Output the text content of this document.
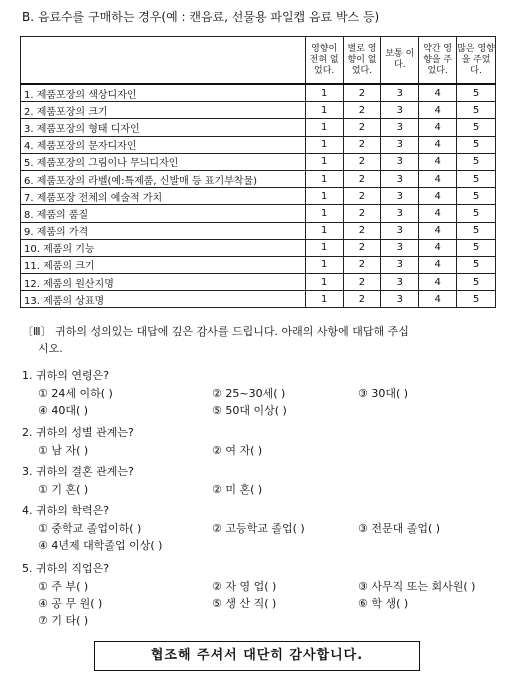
B. 음료수를 구매하는 경우(예 : 캔음료, 선물용 파일캡 음료 박스 등)
	영향이 전혀 없었다.	별로 영향이 없었다.	보통 이다.	약간 영향을 주었다.	많은 영향을 주었다.
1. 제품포장의 색상디자인	1	2	3	4	5
2. 제품포장의 크기	1	2	3	4	5
3. 제품포장의 형태 디자인	1	2	3	4	5
4. 제품포장의 문자디자인	1	2	3	4	5
5. 제품포장의 그림이나 무늬디자인	1	2	3	4	5
6. 제품포장의 라벨(예:특제품, 신발매 등 표기부착물)	1	2	3	4	5
7. 제품포장 전체의 예술적 가치	1	2	3	4	5
8. 제품의 품질	1	2	3	4	5
9. 제품의 가격	1	2	3	4	5
10. 제품의 기능	1	2	3	4	5
11. 제품의 크기	1	2	3	4	5
12. 제품의 원산지명	1	2	3	4	5
13. 제품의 상표명	1	2	3	4	5
〔Ⅲ〕 귀하의 성의있는 대답에 깊은 감사를 드립니다. 아래의 사항에 대답해 주십
시오.
1. 귀하의 연령은?
① 24세 이하( )	② 25~30세( )	③ 30대( )
④ 40대( )	⑤ 50대 이상( )
2. 귀하의 성별 관계는?
① 남 자( )	② 여 자( )
3. 귀하의 결혼 관계는?
① 기 혼( )	② 미 혼( )
4. 귀하의 학력은?
① 중학교 졸업이하( )	② 고등학교 졸업( )	③ 전문대 졸업( )
④ 4년제 대학졸업 이상( )
5. 귀하의 직업은?
① 주 부( )	② 자 영 업( )	③ 사무직 또는 회사원( )
④ 공 무 원( )	⑤ 생 산 직( )	⑥ 학 생( )
⑦ 기 타( )
협조해 주셔서 대단히 감사합니다.
